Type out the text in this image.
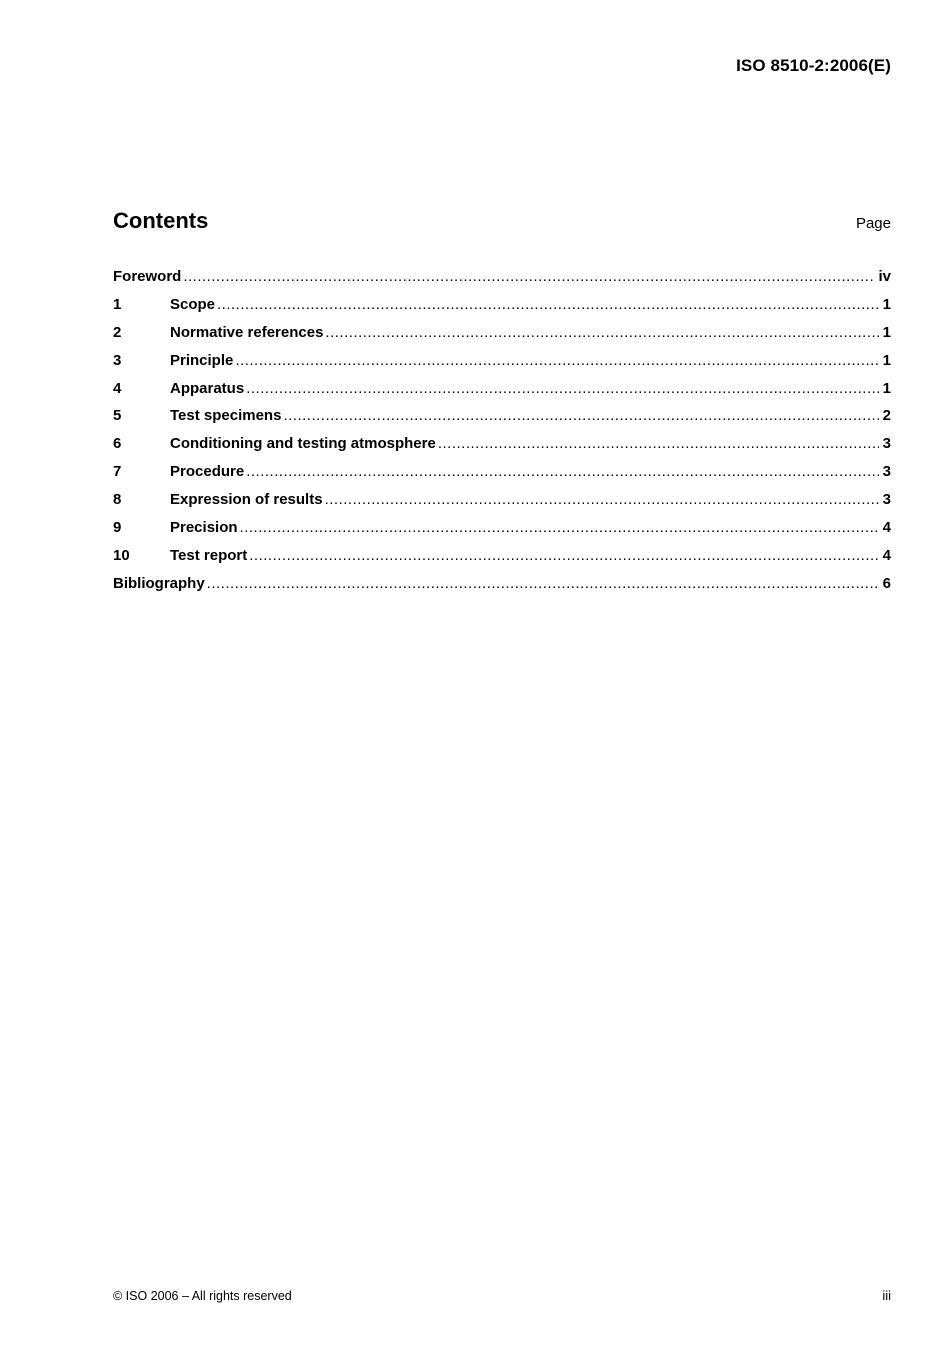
ISO 8510-2:2006(E)
Contents	Page
Foreword .....	iv
1	Scope .....	1
2	Normative references .....	1
3	Principle .....	1
4	Apparatus .....	1
5	Test specimens .....	2
6	Conditioning and testing atmosphere .....	3
7	Procedure .....	3
8	Expression of results .....	3
9	Precision .....	4
10	Test report .....	4
Bibliography .....	6
© ISO 2006 – All rights reserved	iii
